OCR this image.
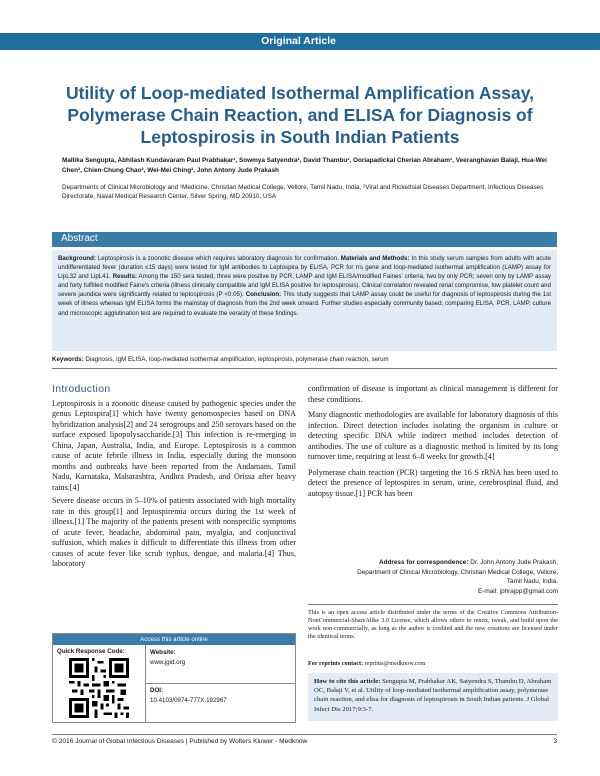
Original Article
Utility of Loop-mediated Isothermal Amplification Assay, Polymerase Chain Reaction, and ELISA for Diagnosis of Leptospirosis in South Indian Patients
Mallika Sengupta, Abhilash Kundavaram Paul Prabhakar¹, Sowmya Satyendra¹, David Thambu¹, Ooriapadickal Cherian Abraham¹, Veeranghavan Balaji, Hua-Wei Chen², Chien-Chung Chao², Wei-Mei Ching², John Antony Jude Prakash
Departments of Clinical Microbiology and ¹Medicine, Christian Medical College, Vellore, Tamil Nadu, India, ²Viral and Rickettsial Diseases Department, Infectious Diseases Directorate, Naval Medical Research Center, Silver Spring, MD 20910, USA
Abstract
Background: Leptospirosis is a zoonotic disease which requires laboratory diagnosis for confirmation. Materials and Methods: In this study serum samples from adults with acute undifferentiated fever (duration ≤15 days) were tested for IgM antibodies to Leptospira by ELISA, PCR for rrs gene and loop-mediated isothermal amplification (LAMP) assay for LipL32 and LipL41. Results: Among the 150 sera tested, three were positive by PCR, LAMP and IgM ELISA/modified Faines' criteria, two by only PCR; seven only by LAMP assay and forty fulfilled modified Faine's criteria (illness clinically compatible and IgM ELISA positive for leptospirosis). Clinical correlation revealed renal compromise, low platelet count and severe jaundice were significantly related to leptospirosis (P <0.05). Conclusion: This study suggests that LAMP assay could be useful for diagnosis of leptospirosis during the 1st week of illness whereas IgM ELISA forms the mainstay of diagnosis from the 2nd week onward. Further studies especially community based, comparing ELISA, PCR, LAMP, culture and microscopic agglutination test are required to evaluate the veracity of these findings.
Keywords: Diagnosis, IgM ELISA, loop-mediated isothermal amplification, leptospirosis, polymerase chain reaction, serum
Introduction

Leptospirosis is a zoonotic disease caused by pathogenic species under the genus Leptospira[1] which have twenty genomospecies based on DNA hybridization analysis[2] and 24 serogroups and 250 serovars based on the surface exposed lipopolysaccharide.[3] This infection is re-emerging in China, Japan, Australia, India, and Europe. Leptospirosis is a common cause of acute febrile illness in India, especially during the monsoon months and outbreaks have been reported from the Andamans, Tamil Nadu, Karnataka, Maharashtra, Andhra Pradesh, and Orissa after heavy rains.[4]

Severe disease occurs in 5–10% of patients associated with high mortality rate in this group[1] and leptospiremia occurs during the 1st week of illness.[1] The majority of the patients present with nonspecific symptoms of acute fever, headache, abdominal pain, myalgia, and conjunctival suffusion, which makes it difficult to differentiate this illness from other causes of acute fever like scrub typhus, dengue, and malaria.[4] Thus, laboratory

confirmation of disease is important as clinical management is different for these conditions.

Many diagnostic methodologies are available for laboratory diagnosis of this infection. Direct detection includes isolating the organism in culture or detecting specific DNA while indirect method includes detection of antibodies. The use of culture as a diagnostic method is limited by its long turnover time, requiring at least 6–8 weeks for growth.[4]

Polymerase chain reaction (PCR) targeting the 16 S rRNA has been used to detect the presence of leptospires in serum, urine, cerebrospinal fluid, and autopsy tissue.[1] PCR has been

Access this article online
Quick Response Code:	Website:
www.jgid.org
DOI:
10.4103/0974-777X.192967
Address for correspondence: Dr. John Antony Jude Prakash,
Department of Clinical Microbiology, Christian Medical College, Vellore,
Tamil Nadu, India.
E-mail: jphrajpp@gmail.com
This is an open access article distributed under the terms of the Creative Commons Attribution-NonCommercial-ShareAlike 3.0 License, which allows others to remix, tweak, and build upon the work non-commercially, as long as the author is credited and the new creations are licensed under the identical terms.
For reprints contact: reprints@medknow.com
How to cite this article: Sengupta M, Prabhakar AK, Satyendra S, Thambu D, Abraham OC, Balaji V, et al. Utility of loop-mediated isothermal amplification assay, polymerase chain reaction, and elisa for diagnosis of leptospirosis in South Indian patients. J Global Infect Dis 2017;9:3-7.
© 2016 Journal of Global Infectious Diseases | Published by Wolters Kluwer - Medknow	3
